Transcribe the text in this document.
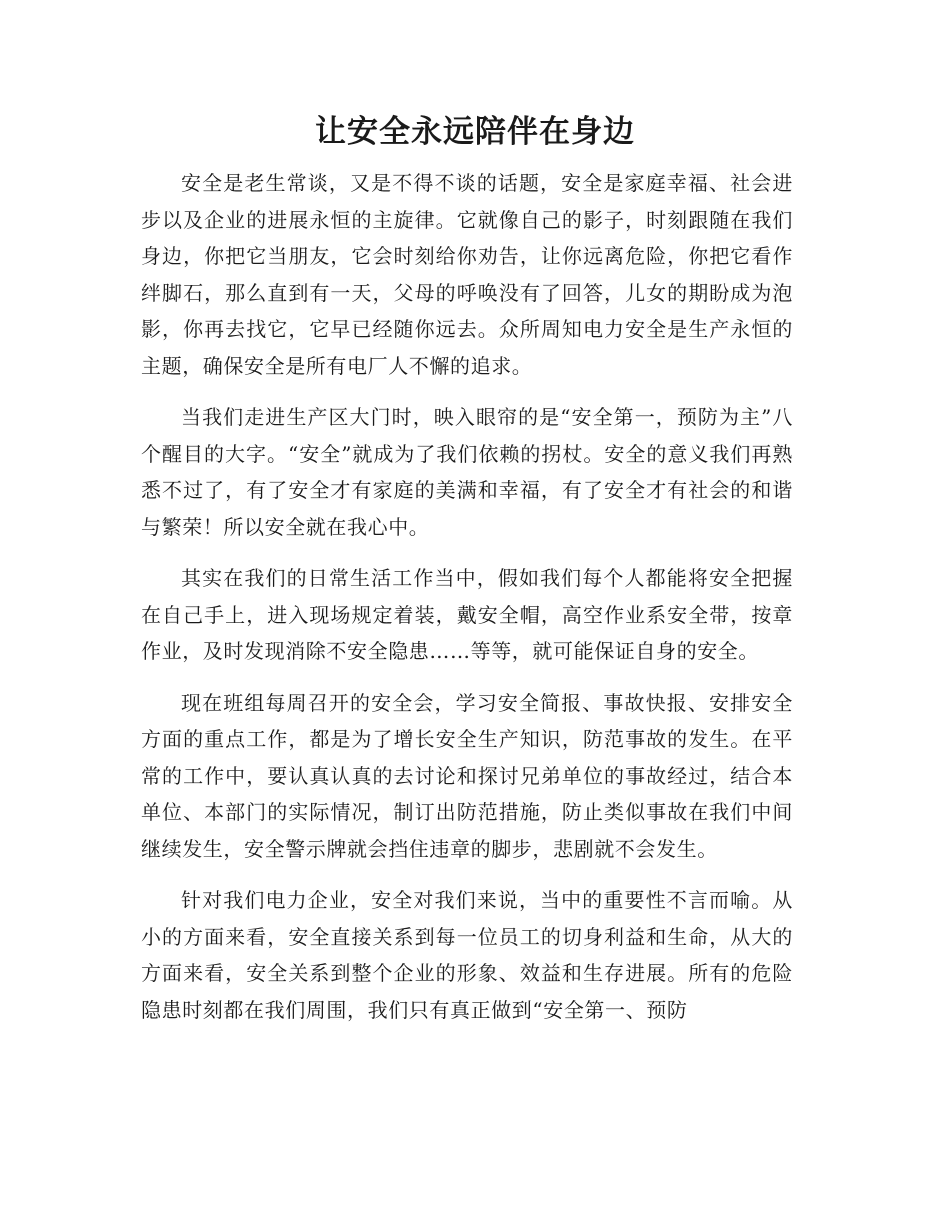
让安全永远陪伴在身边

安全是老生常谈，又是不得不谈的话题，安全是家庭幸福、社会进步以及企业的进展永恒的主旋律。它就像自己的影子，时刻跟随在我们身边，你把它当朋友，它会时刻给你劝告，让你远离危险，你把它看作绊脚石，那么直到有一天，父母的呼唤没有了回答，儿女的期盼成为泡影，你再去找它，它早已经随你远去。众所周知电力安全是生产永恒的主题，确保安全是所有电厂人不懈的追求。

当我们走进生产区大门时，映入眼帘的是“安全第一，预防为主”八个醒目的大字。“安全”就成为了我们依赖的拐杖。安全的意义我们再熟悉不过了，有了安全才有家庭的美满和幸福，有了安全才有社会的和谐与繁荣！所以安全就在我心中。

其实在我们的日常生活工作当中，假如我们每个人都能将安全把握在自己手上，进入现场规定着装，戴安全帽，高空作业系安全带，按章作业，及时发现消除不安全隐患……等等，就可能保证自身的安全。

现在班组每周召开的安全会，学习安全简报、事故快报、安排安全方面的重点工作，都是为了增长安全生产知识，防范事故的发生。在平常的工作中，要认真认真的去讨论和探讨兄弟单位的事故经过，结合本单位、本部门的实际情况，制订出防范措施，防止类似事故在我们中间继续发生，安全警示牌就会挡住违章的脚步，悲剧就不会发生。

针对我们电力企业，安全对我们来说，当中的重要性不言而喻。从小的方面来看，安全直接关系到每一位员工的切身利益和生命，从大的方面来看，安全关系到整个企业的形象、效益和生存进展。所有的危险隐患时刻都在我们周围，我们只有真正做到“安全第一、预防
